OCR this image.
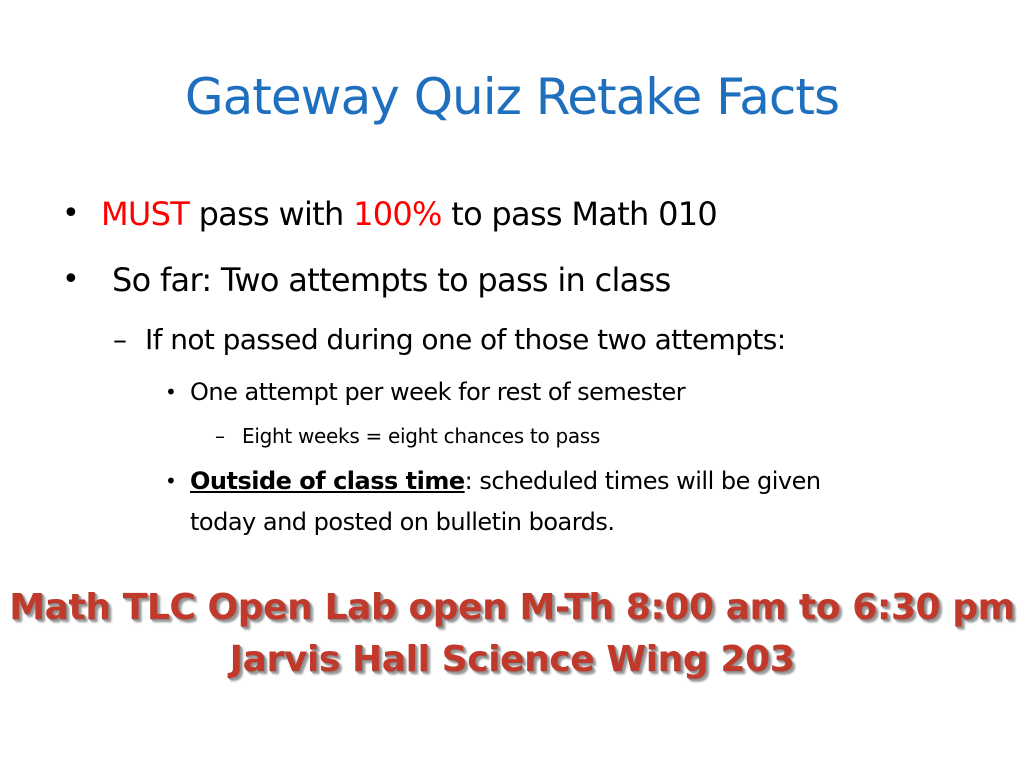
Gateway Quiz Retake Facts
• MUST pass with 100% to pass Math 010
• So far: Two attempts to pass in class
– If not passed during one of those two attempts:
• One attempt per week for rest of semester
– Eight weeks = eight chances to pass
• Outside of class time: scheduled times will be given
today and posted on bulletin boards.
Math TLC Open Lab open M-Th 8:00 am to 6:30 pm
Jarvis Hall Science Wing 203
